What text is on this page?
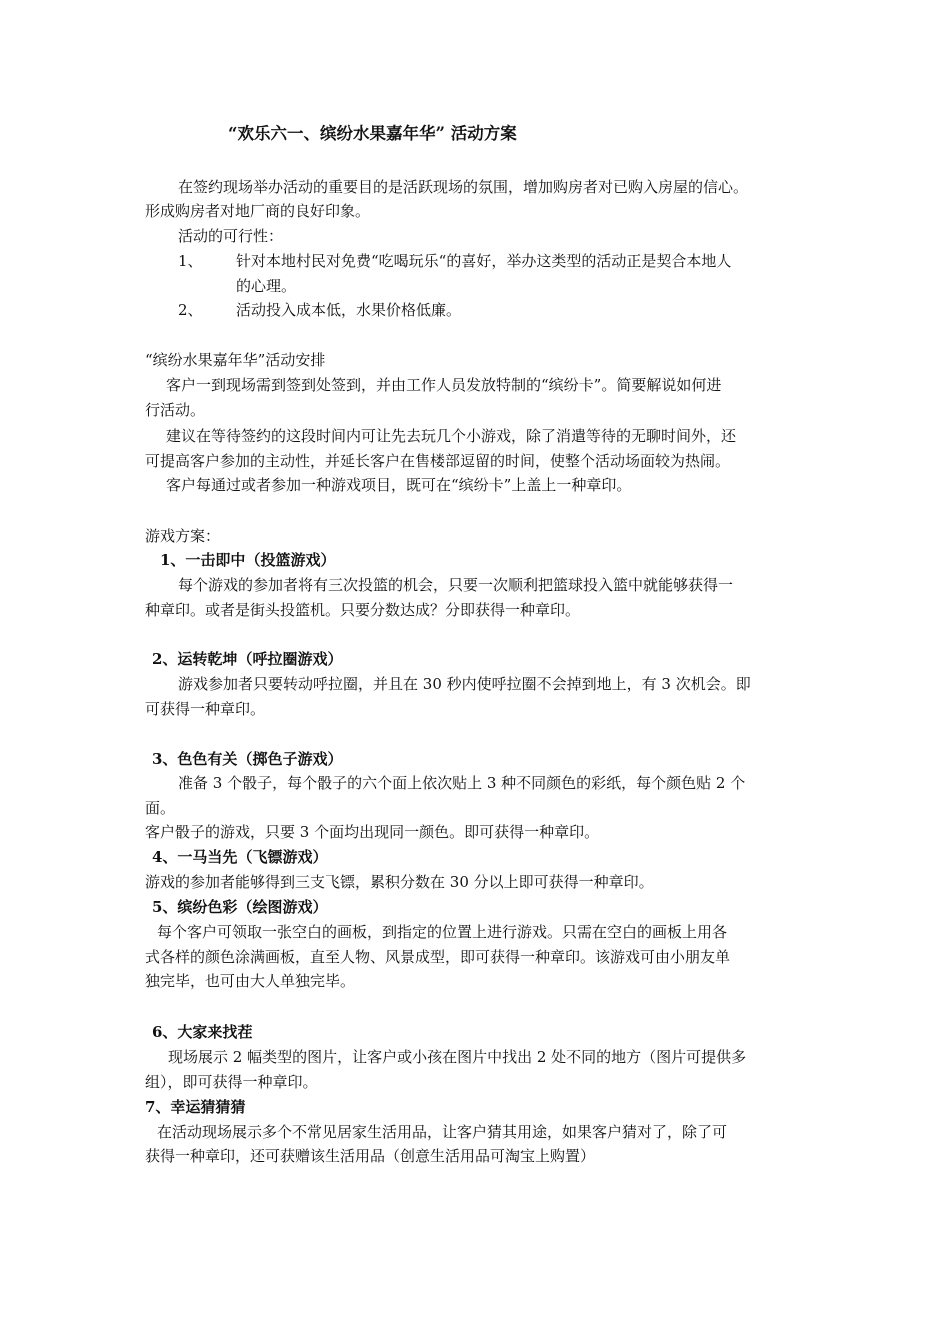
“欢乐六一、缤纷水果嘉年华” 活动方案
在签约现场举办活动的重要目的是活跃现场的氛围，增加购房者对已购入房屋的信心。
形成购房者对地厂商的良好印象。
活动的可行性：
1、	针对本地村民对免费“吃喝玩乐“的喜好，举办这类型的活动正是契合本地人
的心理。
2、	活动投入成本低，水果价格低廉。
“缤纷水果嘉年华”活动安排
客户一到现场需到签到处签到，并由工作人员发放特制的“缤纷卡”。简要解说如何进
行活动。
建议在等待签约的这段时间内可让先去玩几个小游戏，除了消遣等待的无聊时间外，还
可提高客户参加的主动性，并延长客户在售楼部逗留的时间，使整个活动场面较为热闹。
客户每通过或者参加一种游戏项目，既可在“缤纷卡”上盖上一种章印。
游戏方案：
1、一击即中（投篮游戏）
每个游戏的参加者将有三次投篮的机会，只要一次顺利把篮球投入篮中就能够获得一
种章印。或者是街头投篮机。只要分数达成？分即获得一种章印。
2、运转乾坤（呼拉圈游戏）
游戏参加者只要转动呼拉圈，并且在 30 秒内使呼拉圈不会掉到地上，有 3 次机会。即
可获得一种章印。
3、色色有关（掷色子游戏）
准备 3 个骰子，每个骰子的六个面上依次贴上 3 种不同颜色的彩纸，每个颜色贴 2 个
面。
客户骰子的游戏，只要 3 个面均出现同一颜色。即可获得一种章印。
4、一马当先（飞镖游戏）
游戏的参加者能够得到三支飞镖，累积分数在 30 分以上即可获得一种章印。
5、缤纷色彩（绘图游戏）
每个客户可领取一张空白的画板，到指定的位置上进行游戏。只需在空白的画板上用各
式各样的颜色涂满画板，直至人物、风景成型，即可获得一种章印。该游戏可由小朋友单
独完毕，也可由大人单独完毕。
6、大家来找茬
现场展示 2 幅类型的图片，让客户或小孩在图片中找出 2 处不同的地方（图片可提供多
组），即可获得一种章印。
7、幸运猜猜猜
在活动现场展示多个不常见居家生活用品，让客户猜其用途，如果客户猜对了，除了可
获得一种章印，还可获赠该生活用品（创意生活用品可淘宝上购置）
